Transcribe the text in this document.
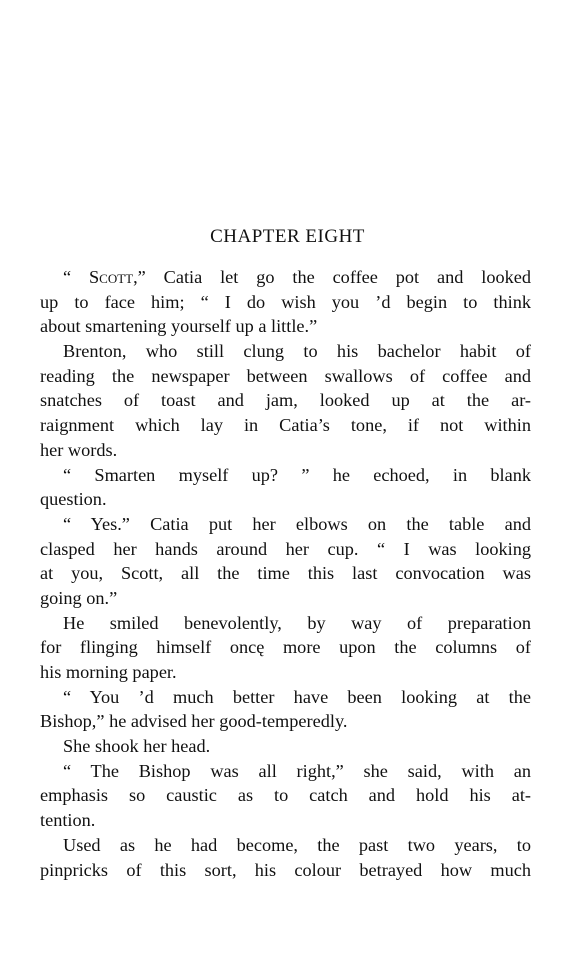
CHAPTER EIGHT
“ Scott,” Catia let go the coffee pot and looked
up to face him; “ I do wish you ’d begin to think
about smartening yourself up a little.”
Brenton, who still clung to his bachelor habit of
reading the newspaper between swallows of coffee and
snatches of toast and jam, looked up at the ar-
raignment which lay in Catia’s tone, if not within
her words.
“ Smarten myself up? ” he echoed, in blank
question.
“ Yes.” Catia put her elbows on the table and
clasped her hands around her cup. “ I was looking
at you, Scott, all the time this last convocation was
going on.”
He smiled benevolently, by way of preparation
for flinging himself oncę more upon the columns of
his morning paper.
“ You ’d much better have been looking at the
Bishop,” he advised her good-temperedly.
She shook her head.
“ The Bishop was all right,” she said, with an
emphasis so caustic as to catch and hold his at-
tention.
Used as he had become, the past two years, to
pinpricks of this sort, his colour betrayed how much
